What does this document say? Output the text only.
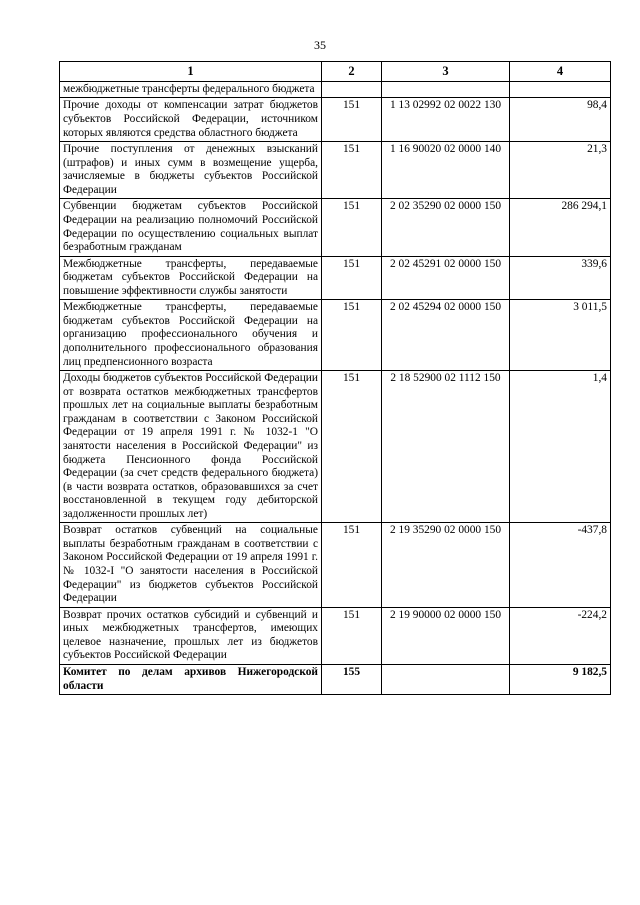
35
1	2	3	4
межбюджетные трансферты федерального бюджета			
Прочие доходы от компенсации затрат бюджетов субъектов Российской Федерации, источником которых являются средства областного бюджета	151	1 13 02992 02 0022 130	98,4
Прочие поступления от денежных взысканий (штрафов) и иных сумм в возмещение ущерба, зачисляемые в бюджеты субъектов Российской Федерации	151	1 16 90020 02 0000 140	21,3
Субвенции бюджетам субъектов Российской Федерации на реализацию полномочий Российской Федерации по осуществлению социальных выплат безработным гражданам	151	2 02 35290 02 0000 150	286 294,1
Межбюджетные трансферты, передаваемые бюджетам субъектов Российской Федерации на повышение эффективности службы занятости	151	2 02 45291 02 0000 150	339,6
Межбюджетные трансферты, передаваемые бюджетам субъектов Российской Федерации на организацию профессионального обучения и дополнительного профессионального образования лиц предпенсионного возраста	151	2 02 45294 02 0000 150	3 011,5
Доходы бюджетов субъектов Российской Федерации от возврата остатков межбюджетных трансфертов прошлых лет на социальные выплаты безработным гражданам в соответствии с Законом Российской Федерации от 19 апреля 1991 г. № 1032-1 "О занятости населения в Российской Федерации" из бюджета Пенсионного фонда Российской Федерации (за счет средств федерального бюджета) (в части возврата остатков, образовавшихся за счет восстановленной в текущем году дебиторской задолженности прошлых лет)	151	2 18 52900 02 1112 150	1,4
Возврат остатков субвенций на социальные выплаты безработным гражданам в соответствии с Законом Российской Федерации от 19 апреля 1991 г. № 1032-I "О занятости населения в Российской Федерации" из бюджетов субъектов Российской Федерации	151	2 19 35290 02 0000 150	-437,8
Возврат прочих остатков субсидий и субвенций и иных межбюджетных трансфертов, имеющих целевое назначение, прошлых лет из бюджетов субъектов Российской Федерации	151	2 19 90000 02 0000 150	-224,2
Комитет по делам архивов Нижегородской области	155		9 182,5
